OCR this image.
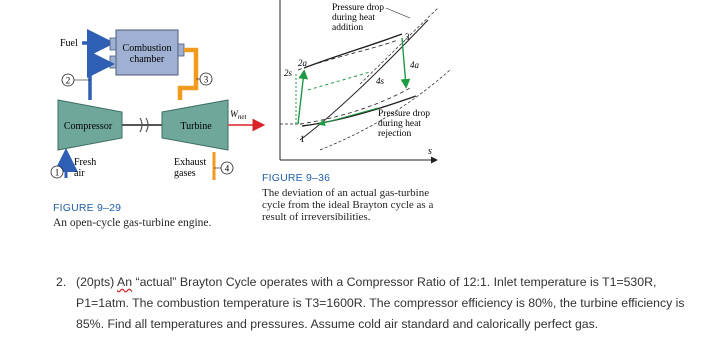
Fuel	Combustion
chamber
2	3
Compressor	Turbine
$W_{net}$
1
Fresh
air
Exhaust
gases	4
FIGURE 9–29
An open-cycle gas-turbine engine.
s
1
2s
2a
3
4s
4a
Pressure drop
during heat
addition
Pressure drop
during heat
rejection
FIGURE 9–36
The deviation of an actual gas-turbine
cycle from the ideal Brayton cycle as a
result of irreversibilities.
2. (20pts) An “actual” Brayton Cycle operates with a Compressor Ratio of 12:1. Inlet temperature is T1=530R, P1=1atm. The combustion temperature is T3=1600R. The compressor efficiency is 80%, the turbine efficiency is 85%. Find all temperatures and pressures. Assume cold air standard and calorically perfect gas.
